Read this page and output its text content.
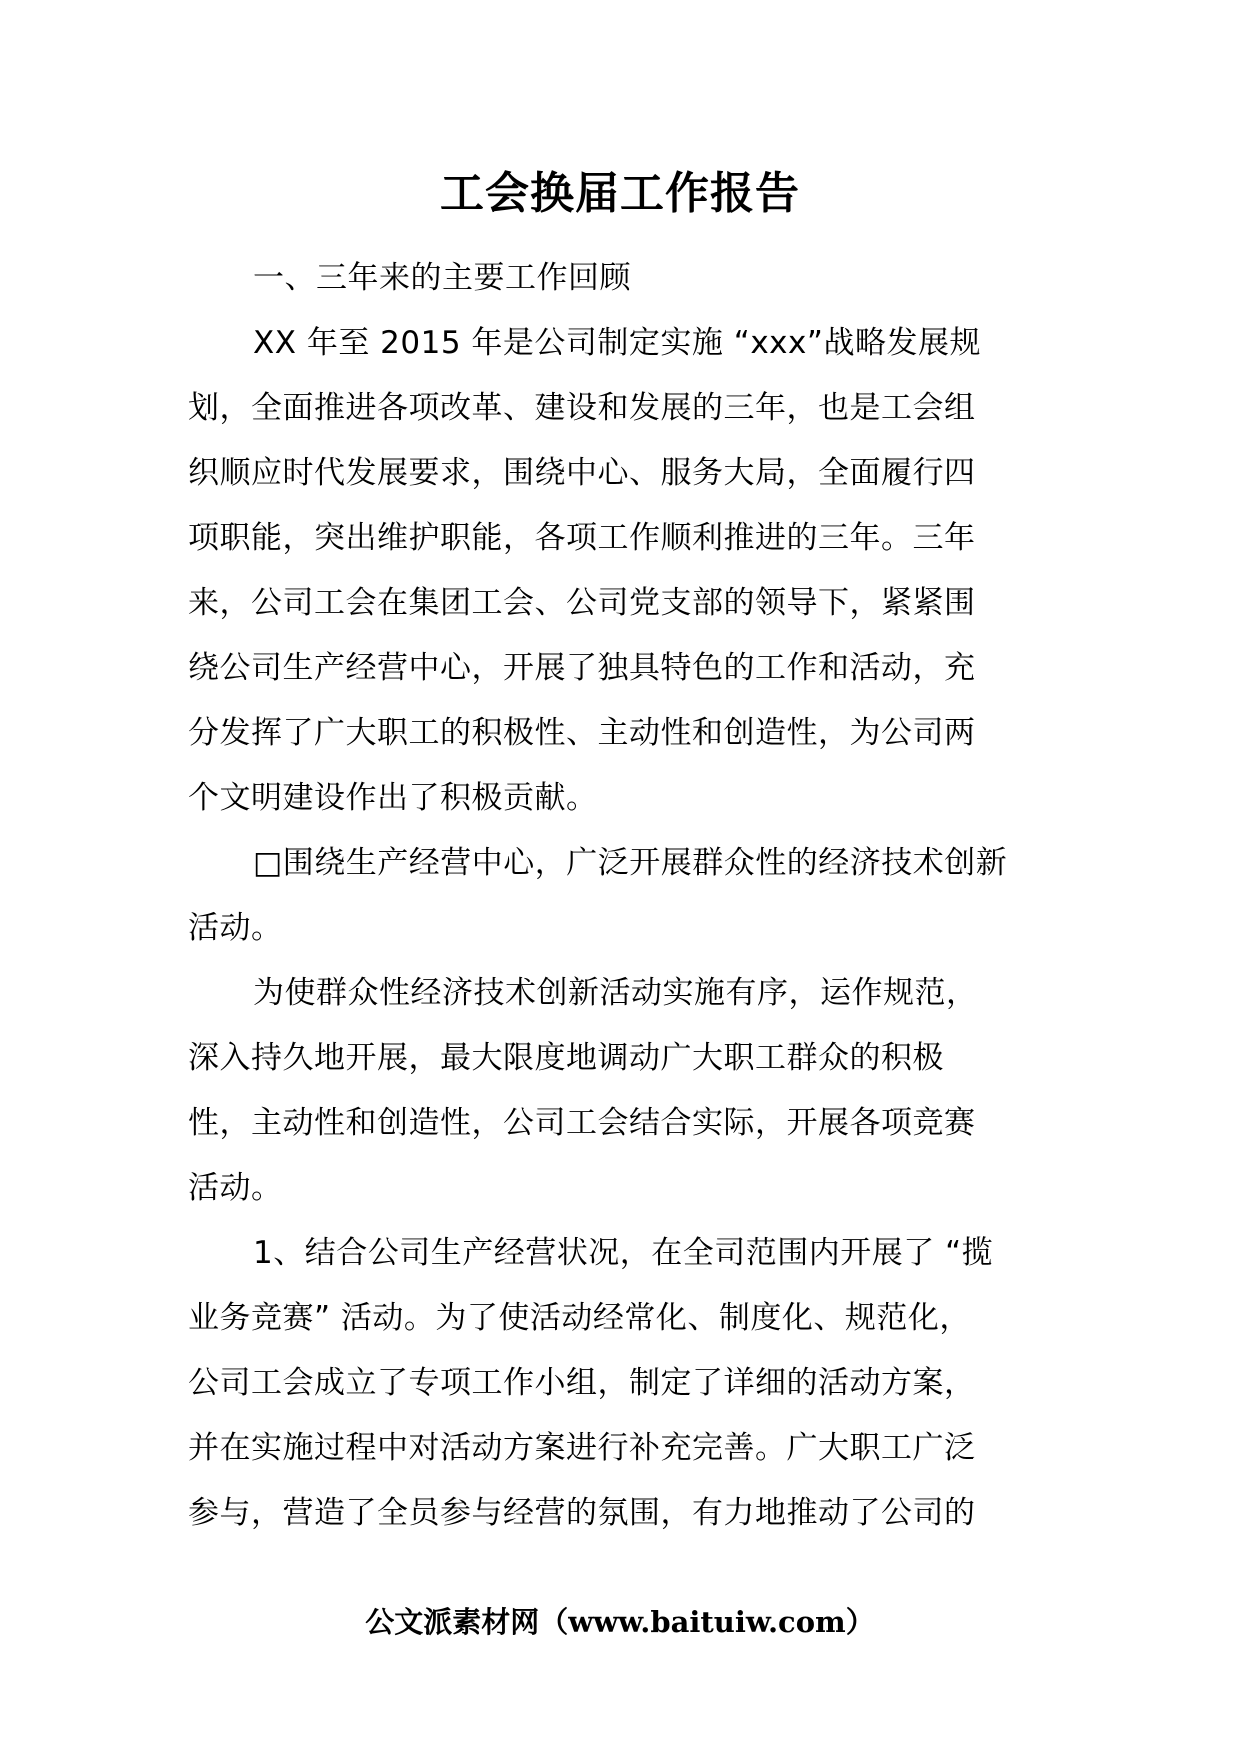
工会换届工作报告
一、三年来的主要工作回顾
XX 年至 2015 年是公司制定实施 “xxx”战略发展规
划，全面推进各项改革、建设和发展的三年，也是工会组
织顺应时代发展要求，围绕中心、服务大局，全面履行四
项职能，突出维护职能，各项工作顺利推进的三年。三年
来，公司工会在集团工会、公司党支部的领导下，紧紧围
绕公司生产经营中心，开展了独具特色的工作和活动，充
分发挥了广大职工的积极性、主动性和创造性，为公司两
个文明建设作出了积极贡献。
□围绕生产经营中心，广泛开展群众性的经济技术创新
活动。
为使群众性经济技术创新活动实施有序，运作规范，
深入持久地开展，最大限度地调动广大职工群众的积极
性，主动性和创造性，公司工会结合实际，开展各项竞赛
活动。
1、结合公司生产经营状况，在全司范围内开展了 “揽
业务竞赛” 活动。为了使活动经常化、制度化、规范化，
公司工会成立了专项工作小组，制定了详细的活动方案，
并在实施过程中对活动方案进行补充完善。广大职工广泛
参与，营造了全员参与经营的氛围，有力地推动了公司的

公文派素材网（www.baituiw.com）
